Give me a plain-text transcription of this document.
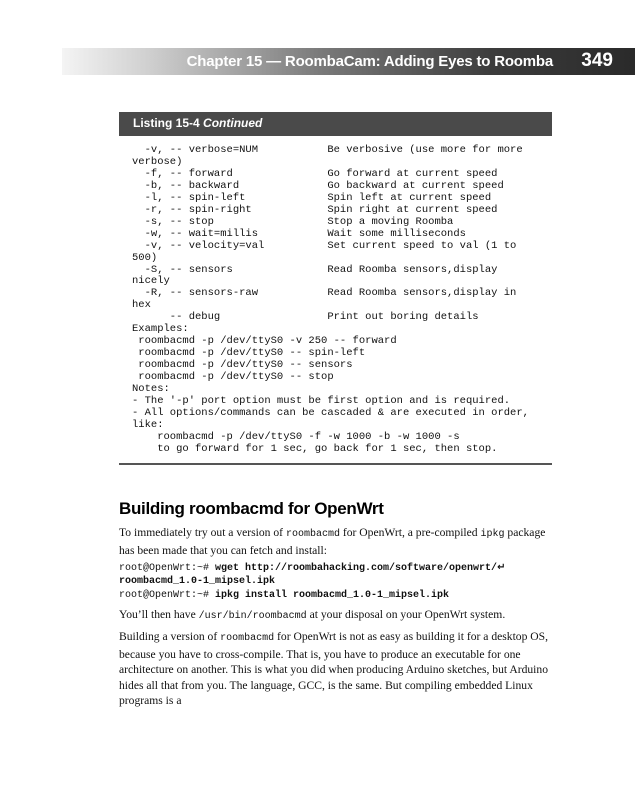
Chapter 15 — RoombaCam: Adding Eyes to Roomba 349
Listing 15-4 Continued
-v, -- verbose=NUM           Be verbosive (use more for more
verbose)
-f, -- forward               Go forward at current speed
-b, -- backward              Go backward at current speed
-l, -- spin-left             Spin left at current speed
-r, -- spin-right            Spin right at current speed
-s, -- stop                  Stop a moving Roomba
-w, -- wait=millis           Wait some milliseconds
-v, -- velocity=val          Set current speed to val (1 to
500)
-S, -- sensors               Read Roomba sensors,display
nicely
-R, -- sensors-raw           Read Roomba sensors,display in
hex
-- debug                 Print out boring details
Examples:
roombacmd -p /dev/ttyS0 -v 250 -- forward
roombacmd -p /dev/ttyS0 -- spin-left
roombacmd -p /dev/ttyS0 -- sensors
roombacmd -p /dev/ttyS0 -- stop
Notes:
- The '-p' port option must be first option and is required.
- All options/commands can be cascaded & are executed in order,
like:
roombacmd -p /dev/ttyS0 -f -w 1000 -b -w 1000 -s
to go forward for 1 sec, go back for 1 sec, then stop.
Building roombacmd for OpenWrt

To immediately try out a version of roombacmd for OpenWrt, a pre-compiled ipkg package has been made that you can fetch and install:

root@OpenWrt:~# wget http://roombahacking.com/software/openwrt/↵
roombacmd_1.0-1_mipsel.ipk
root@OpenWrt:~# ipkg install roombacmd_1.0-1_mipsel.ipk

You’ll then have /usr/bin/roombacmd at your disposal on your OpenWrt system.

Building a version of roombacmd for OpenWrt is not as easy as building it for a desktop OS, because you have to cross-compile. That is, you have to produce an executable for one architecture on another. This is what you did when producing Arduino sketches, but Arduino hides all that from you. The language, GCC, is the same. But compiling embedded Linux programs is a
